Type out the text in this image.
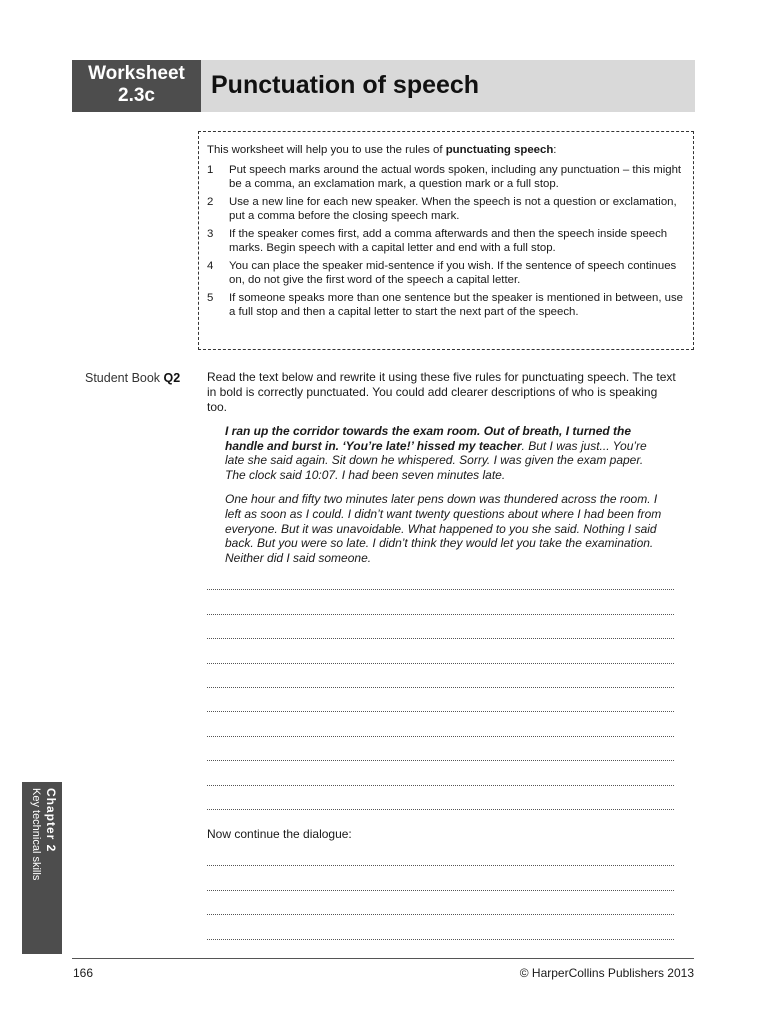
Worksheet
2.3c	Punctuation of speech

This worksheet will help you to use the rules of punctuating speech:

1	Put speech marks around the actual words spoken, including any punctuation – this might be a comma, an exclamation mark, a question mark or a full stop.
2	Use a new line for each new speaker. When the speech is not a question or exclamation, put a comma before the closing speech mark.
3	If the speaker comes first, add a comma afterwards and then the speech inside speech marks. Begin speech with a capital letter and end with a full stop.
4	You can place the speaker mid-sentence if you wish. If the sentence of speech continues on, do not give the first word of the speech a capital letter.
5	If someone speaks more than one sentence but the speaker is mentioned in between, use a full stop and then a capital letter to start the next part of the speech.
Student Book Q2 Read the text below and rewrite it using these five rules for punctuating speech. The text in bold is correctly punctuated. You could add clearer descriptions of who is speaking too.

I ran up the corridor towards the exam room. Out of breath, I turned the handle and burst in. ‘You’re late!’ hissed my teacher. But I was just... You’re late she said again. Sit down he whispered. Sorry. I was given the exam paper. The clock said 10:07. I had been seven minutes late.

One hour and fifty two minutes later pens down was thundered across the room. I left as soon as I could. I didn’t want twenty questions about where I had been from everyone. But it was unavoidable. What happened to you she said. Nothing I said back. But you were so late. I didn’t think they would let you take the examination. Neither did I said someone.

Now continue the dialogue:
Chapter 2
Key technical skills
166	© HarperCollins Publishers 2013
